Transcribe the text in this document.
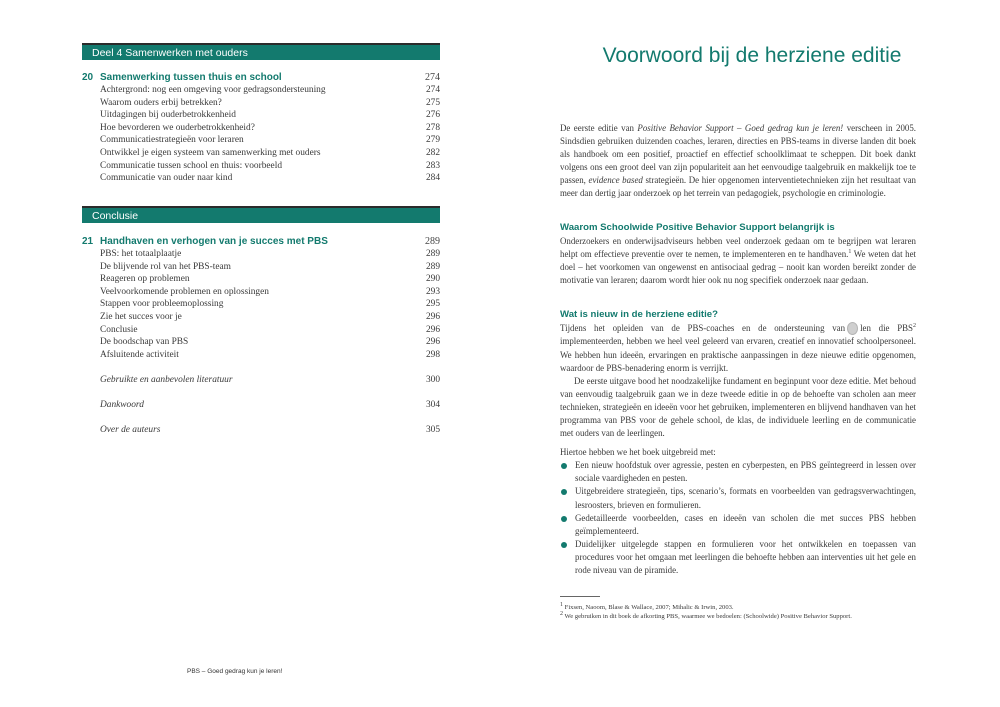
Deel 4 Samenwerken met ouders
20 Samenwerking tussen thuis en school	274
Achtergrond: nog een omgeving voor gedragsondersteuning	274
Waarom ouders erbij betrekken?	275
Uitdagingen bij ouderbetrokkenheid	276
Hoe bevorderen we ouderbetrokkenheid?	278
Communicatiestrategieën voor leraren	279
Ontwikkel je eigen systeem van samenwerking met ouders	282
Communicatie tussen school en thuis: voorbeeld	283
Communicatie van ouder naar kind	284
Conclusie
21 Handhaven en verhogen van je succes met PBS	289
PBS: het totaalplaatje	289
De blijvende rol van het PBS-team	289
Reageren op problemen	290
Veelvoorkomende problemen en oplossingen	293
Stappen voor probleemoplossing	295
Zie het succes voor je	296
Conclusie	296
De boodschap van PBS	296
Afsluitende activiteit	298
Gebruikte en aanbevolen literatuur	300
Dankwoord	304
Over de auteurs	305
PBS – Goed gedrag kun je leren!
Voorwoord bij de herziene editie

De eerste editie van Positive Behavior Support – Goed gedrag kun je leren! verscheen in 2005. Sindsdien gebruiken duizenden coaches, leraren, directies en PBS-teams in diverse landen dit boek als handboek om een positief, proactief en effectief schoolklimaat te scheppen. Dit boek dankt volgens ons een groot deel van zijn populariteit aan het eenvoudige taalgebruik en makkelijk toe te passen, evidence based strategieën. De hier opgenomen interventietechnieken zijn het resultaat van meer dan dertig jaar onderzoek op het terrein van pedagogiek, psychologie en criminologie.

Waarom Schoolwide Positive Behavior Support belangrijk is

Onderzoekers en onderwijsadviseurs hebben veel onderzoek gedaan om te begrijpen wat leraren helpt om effectieve preventie over te nemen, te implementeren en te handhaven.$^1$ We weten dat het doel – het voorkomen van ongewenst en antisociaal gedrag – nooit kan worden bereikt zonder de motivatie van leraren; daarom wordt hier ook nu nog specifiek onderzoek naar gedaan.

Wat is nieuw in de herziene editie?

Tijdens het opleiden van de PBS-coaches en de ondersteuning van len die PBS$^2$ implementeerden, hebben we heel veel geleerd van ervaren, creatief en innovatief schoolpersoneel. We hebben hun ideeën, ervaringen en praktische aanpassingen in deze nieuwe editie opgenomen, waardoor de PBS-benadering enorm is verrijkt.

De eerste uitgave bood het noodzakelijke fundament en beginpunt voor deze editie. Met behoud van eenvoudig taalgebruik gaan we in deze tweede editie in op de behoefte van scholen aan meer technieken, strategieën en ideeën voor het gebruiken, implementeren en blijvend handhaven van het programma van PBS voor de gehele school, de klas, de individuele leerling en de communicatie met ouders van de leerlingen.

Hiertoe hebben we het boek uitgebreid met:

Een nieuw hoofdstuk over agressie, pesten en cyberpesten, en PBS geïntegreerd in lessen over sociale vaardigheden en pesten.
Uitgebreidere strategieën, tips, scenario’s, formats en voorbeelden van gedragsverwachtingen, lesroosters, brieven en formulieren.
Gedetailleerde voorbeelden, cases en ideeën van scholen die met succes PBS hebben geïmplementeerd.
Duidelijker uitgelegde stappen en formulieren voor het ontwikkelen en toepassen van procedures voor het omgaan met leerlingen die behoefte hebben aan interventies uit het gele en rode niveau van de piramide.

1 Fixsen, Naoom, Blase & Wallace, 2007; Mihalic & Irwin, 2003.

2 We gebruiken in dit boek de afkorting PBS, waarmee we bedoelen: (Schoolwide) Positive Behavior Support.
